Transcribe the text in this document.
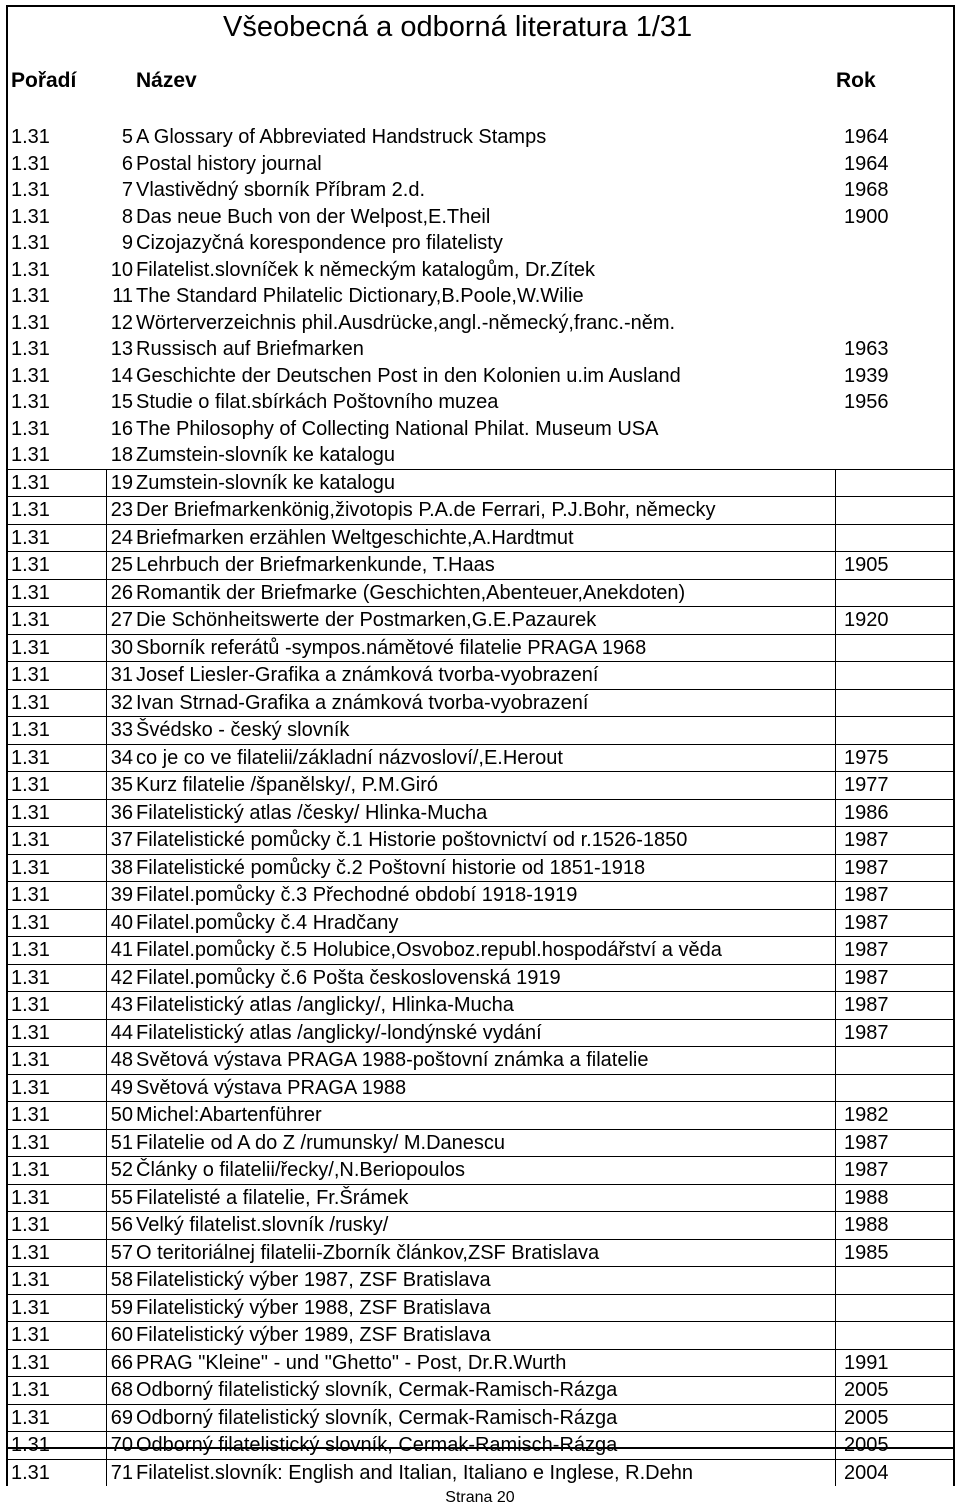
Všeobecná a odborná literatura 1/31
Pořadí	Název	Rok
1.31	5 A Glossary of Abbreviated Handstruck Stamps	1964
1.31	6 Postal history journal	1964
1.31	7 Vlastivědný sborník Příbram 2.d.	1968
1.31	8 Das neue Buch von der Welpost,E.Theil	1900
1.31	9 Cizojazyčná korespondence pro filatelisty
1.31	10 Filatelist.slovníček k německým katalogům, Dr.Zítek
1.31	11 The Standard Philatelic Dictionary,B.Poole,W.Wilie
1.31	12 Wörterverzeichnis phil.Ausdrücke,angl.-německý,franc.-něm.
1.31	13 Russisch auf Briefmarken	1963
1.31	14 Geschichte der Deutschen Post in den Kolonien u.im Ausland	1939
1.31	15 Studie o filat.sbírkách Poštovního muzea	1956
1.31	16 The Philosophy of Collecting National Philat. Museum USA
1.31	18 Zumstein-slovník ke katalogu
1.31	19 Zumstein-slovník ke katalogu
1.31	23 Der Briefmarkenkönig,životopis P.A.de Ferrari, P.J.Bohr, německy
1.31	24 Briefmarken erzählen Weltgeschichte,A.Hardtmut
1.31	25 Lehrbuch der Briefmarkenkunde, T.Haas	1905
1.31	26 Romantik der Briefmarke (Geschichten,Abenteuer,Anekdoten)
1.31	27 Die Schönheitswerte der Postmarken,G.E.Pazaurek	1920
1.31	30 Sborník referátů -sympos.námětové filatelie PRAGA 1968
1.31	31 Josef Liesler-Grafika a známková tvorba-vyobrazení
1.31	32 Ivan Strnad-Grafika a známková tvorba-vyobrazení
1.31	33 Švédsko - český slovník
1.31	34 co je co ve filatelii/základní názvosloví/,E.Herout	1975
1.31	35 Kurz filatelie /španělsky/, P.M.Giró	1977
1.31	36 Filatelistický atlas /česky/ Hlinka-Mucha	1986
1.31	37 Filatelistické pomůcky č.1 Historie poštovnictví od r.1526-1850	1987
1.31	38 Filatelistické pomůcky č.2 Poštovní historie od 1851-1918	1987
1.31	39 Filatel.pomůcky č.3 Přechodné období 1918-1919	1987
1.31	40 Filatel.pomůcky č.4 Hradčany	1987
1.31	41 Filatel.pomůcky č.5 Holubice,Osvoboz.republ.hospodářství a věda	1987
1.31	42 Filatel.pomůcky č.6 Pošta československá 1919	1987
1.31	43 Filatelistický atlas /anglicky/, Hlinka-Mucha	1987
1.31	44 Filatelistický atlas /anglicky/-londýnské vydání	1987
1.31	48 Světová výstava PRAGA 1988-poštovní známka a filatelie
1.31	49 Světová výstava PRAGA 1988
1.31	50 Michel:Abartenführer	1982
1.31	51 Filatelie od A do Z /rumunsky/ M.Danescu	1987
1.31	52 Články o filatelii/řecky/,N.Beriopoulos	1987
1.31	55 Filatelisté a filatelie, Fr.Šrámek	1988
1.31	56 Velký filatelist.slovník /rusky/	1988
1.31	57 O teritoriálnej filatelii-Zborník článkov,ZSF Bratislava	1985
1.31	58 Filatelistický výber 1987, ZSF Bratislava
1.31	59 Filatelistický výber 1988, ZSF Bratislava
1.31	60 Filatelistický výber 1989, ZSF Bratislava
1.31	66 PRAG "Kleine" - und "Ghetto" - Post, Dr.R.Wurth	1991
1.31	68 Odborný filatelistický slovník, Cermak-Ramisch-Rázga	2005
1.31	69 Odborný filatelistický slovník, Cermak-Ramisch-Rázga	2005
1.31	70 Odborný filatelistický slovník, Cermak-Ramisch-Rázga	2005
1.31	71 Filatelist.slovník: English and Italian, Italiano e Inglese, R.Dehn	2004
Strana 20
